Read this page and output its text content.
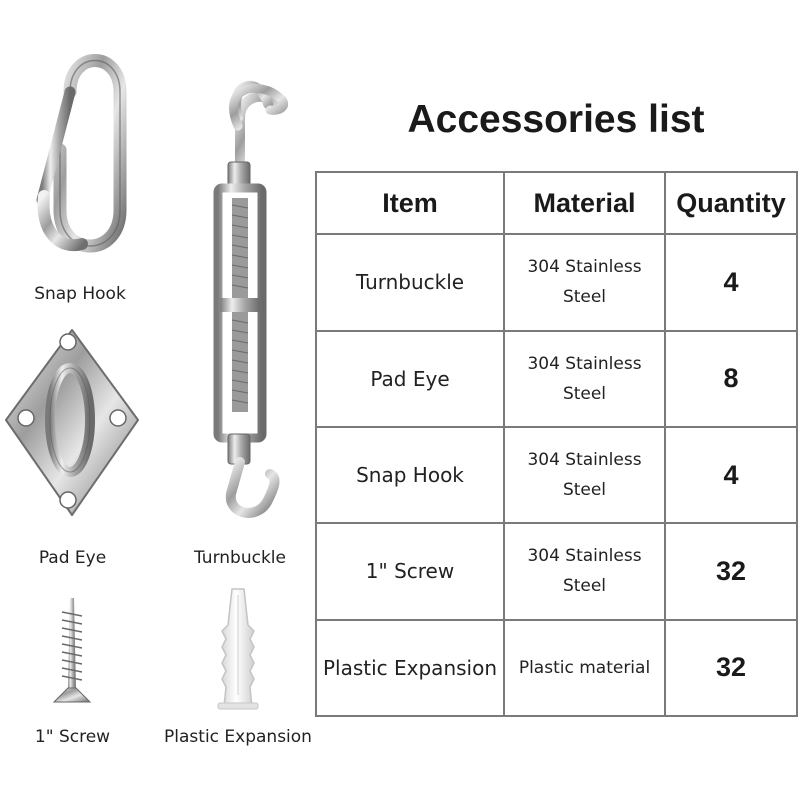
Snap Hook
Turnbuckle
Pad Eye
1" Screw	Plastic Expansion
Accessories list
Item	Material	Quantity
Turnbuckle	304 Stainless Steel	4
Pad Eye	304 Stainless Steel	8
Snap Hook	304 Stainless Steel	4
1" Screw	304 Stainless Steel	32
Plastic Expansion	Plastic material	32
